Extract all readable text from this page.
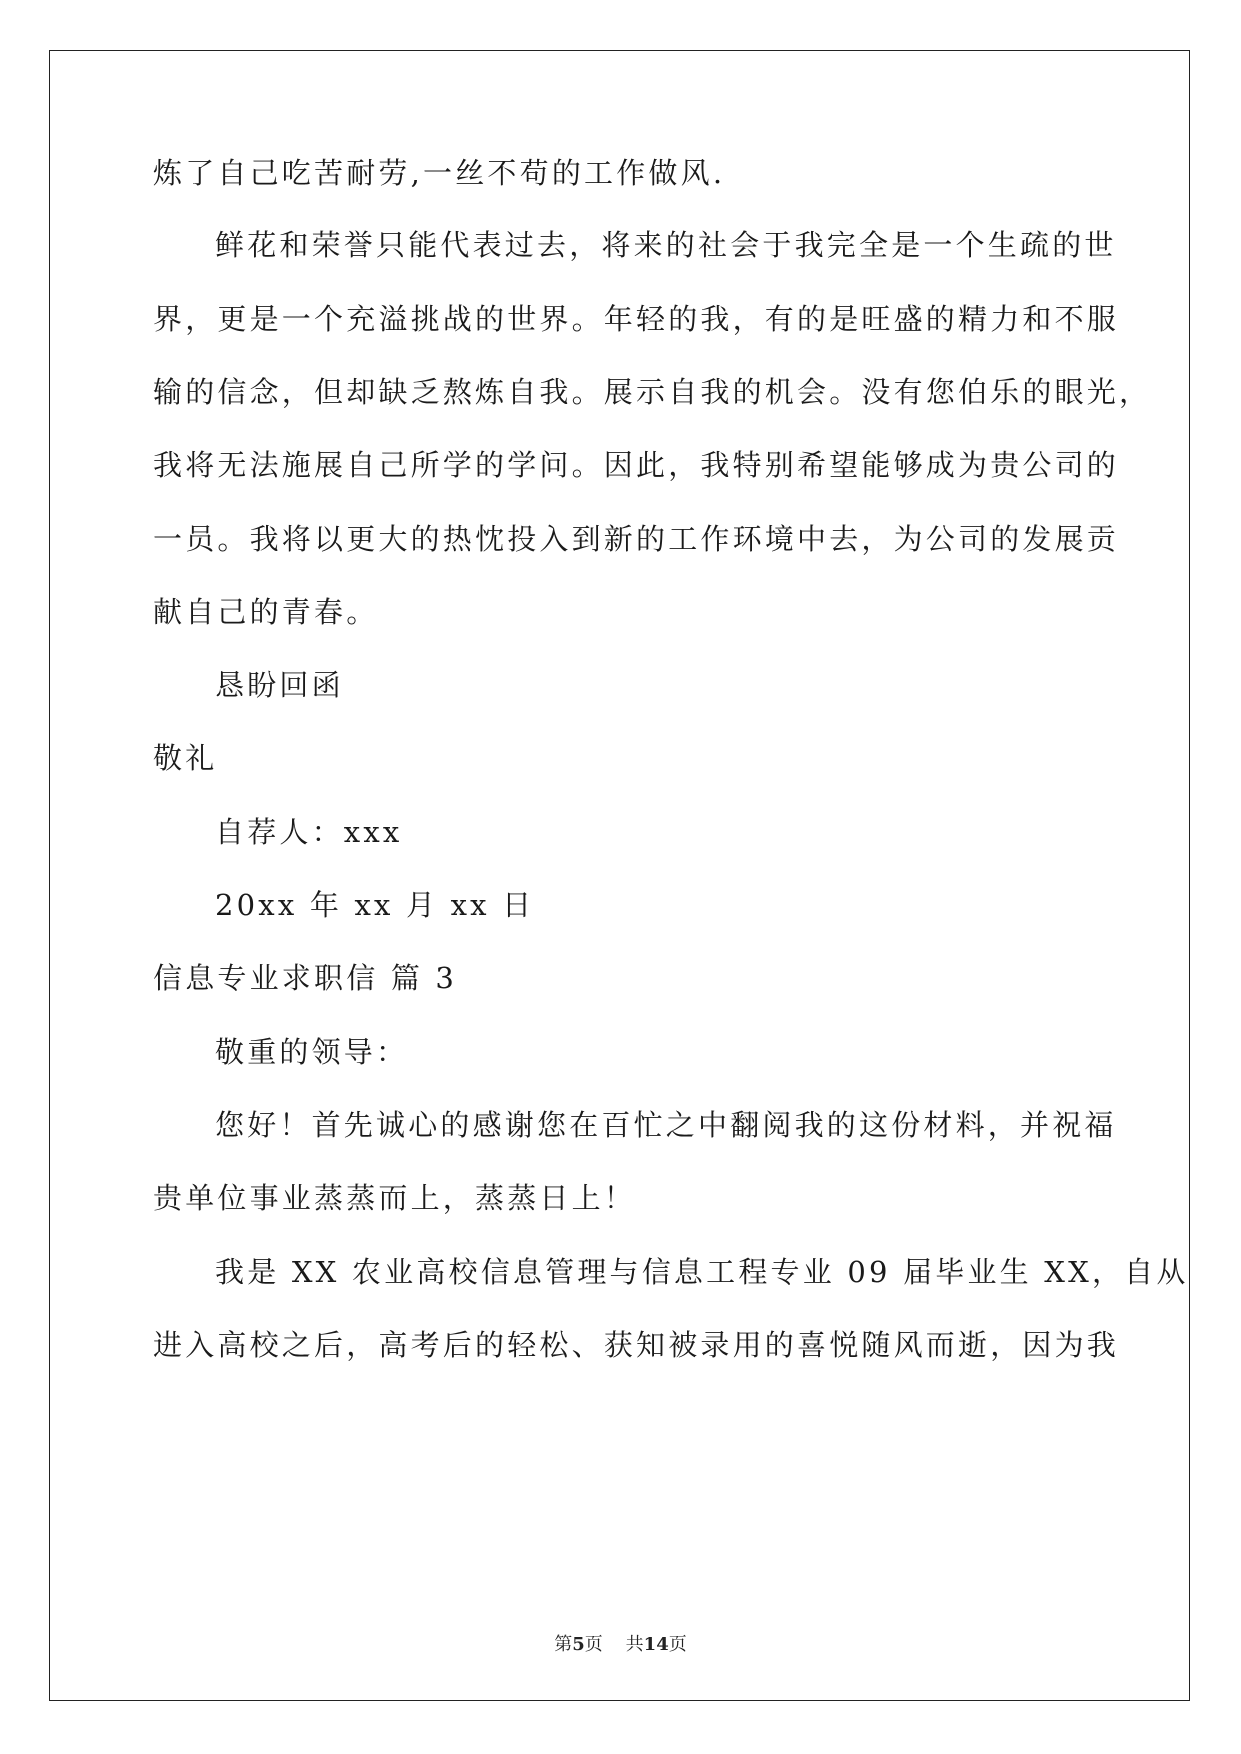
炼了自己吃苦耐劳,一丝不苟的工作做风.
鲜花和荣誉只能代表过去，将来的社会于我完全是一个生疏的世
界，更是一个充溢挑战的世界。年轻的我，有的是旺盛的精力和不服
输的信念，但却缺乏熬炼自我。展示自我的机会。没有您伯乐的眼光，
我将无法施展自己所学的学问。因此，我特别希望能够成为贵公司的
一员。我将以更大的热忱投入到新的工作环境中去，为公司的发展贡
献自己的青春。
恳盼回函
敬礼
自荐人：xxx
20xx 年 xx 月 xx 日
信息专业求职信 篇 3
敬重的领导：
您好！首先诚心的感谢您在百忙之中翻阅我的这份材料，并祝福
贵单位事业蒸蒸而上，蒸蒸日上！
我是 XX 农业高校信息管理与信息工程专业 09 届毕业生 XX，自从
进入高校之后，高考后的轻松、获知被录用的喜悦随风而逝，因为我
第5页 共14页
